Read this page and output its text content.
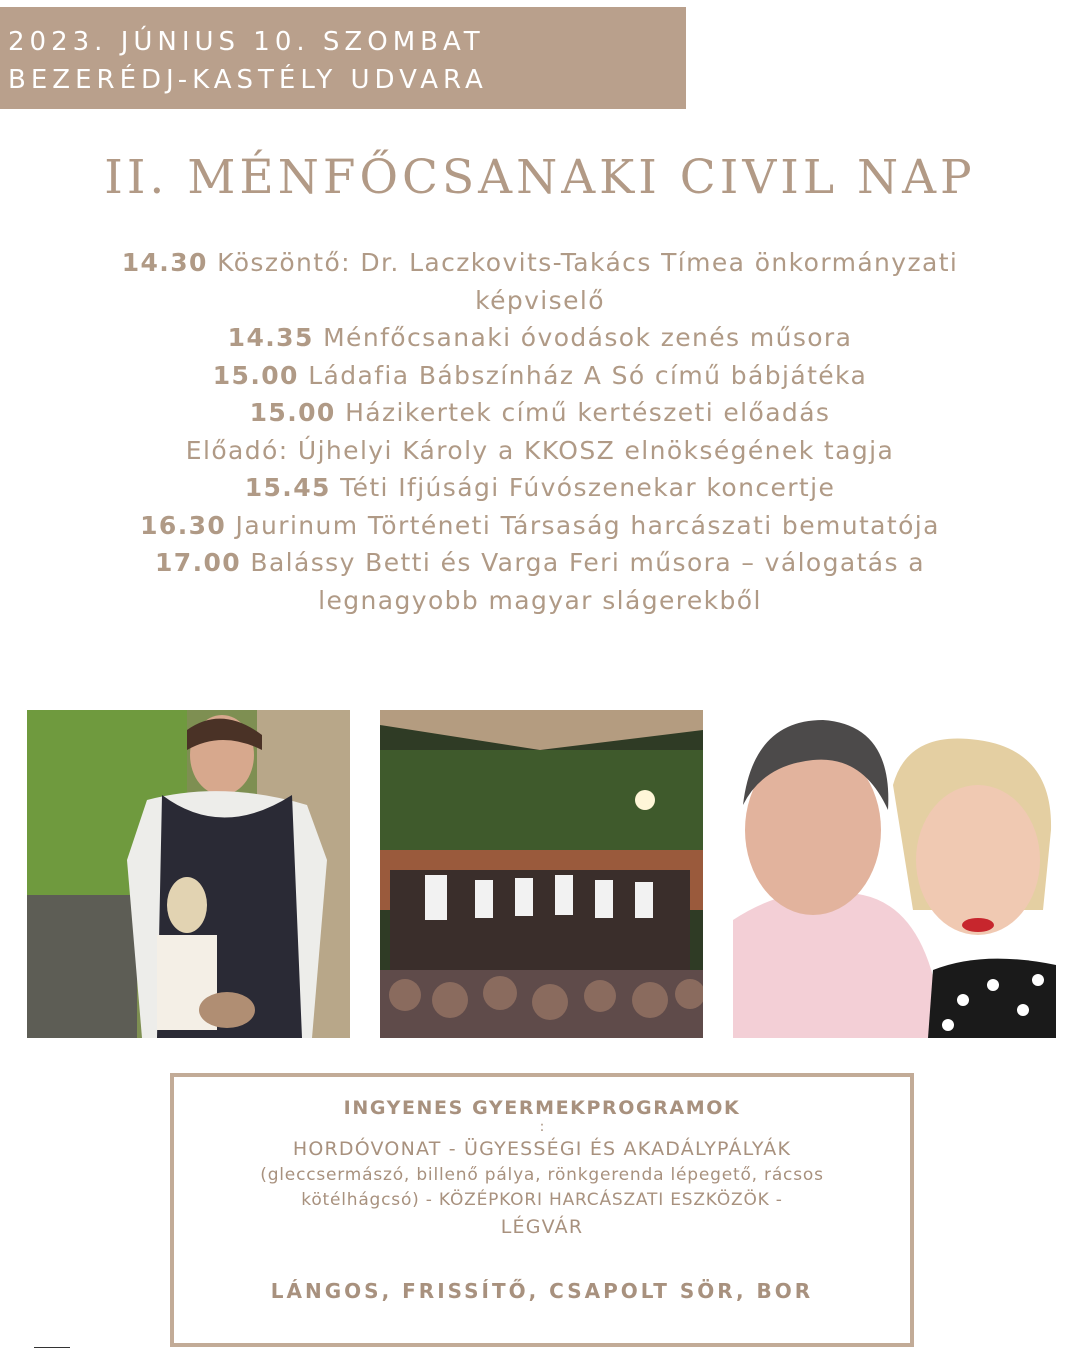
2023. JÚNIUS 10. SZOMBAT
BEZERÉDJ-KASTÉLY UDVARA
II. MÉNFŐCSANAKI CIVIL NAP
14.30 Köszöntő: Dr. Laczkovits-Takács Tímea önkormányzati
képviselő
14.35 Ménfőcsanaki óvodások zenés műsora
15.00 Ládafia Bábszínház A Só című bábjátéka
15.00 Házikertek című kertészeti előadás
Előadó: Újhelyi Károly a KKOSZ elnökségének tagja
15.45 Téti Ifjúsági Fúvószenekar koncertje
16.30 Jaurinum Történeti Társaság harcászati bemutatója
17.00 Balássy Betti és Varga Feri műsora – válogatás a
legnagyobb magyar slágerekből
INGYENES GYERMEKPROGRAMOK
:
HORDÓVONAT - ÜGYESSÉGI ÉS AKADÁLYPÁLYÁK
(gleccsermászó, billenő pálya, rönkgerenda lépegető, rácsos
kötélhágcsó) - KÖZÉPKORI HARCÁSZATI ESZKÖZÖK -
LÉGVÁR
LÁNGOS, FRISSÍTŐ, CSAPOLT SÖR, BOR
